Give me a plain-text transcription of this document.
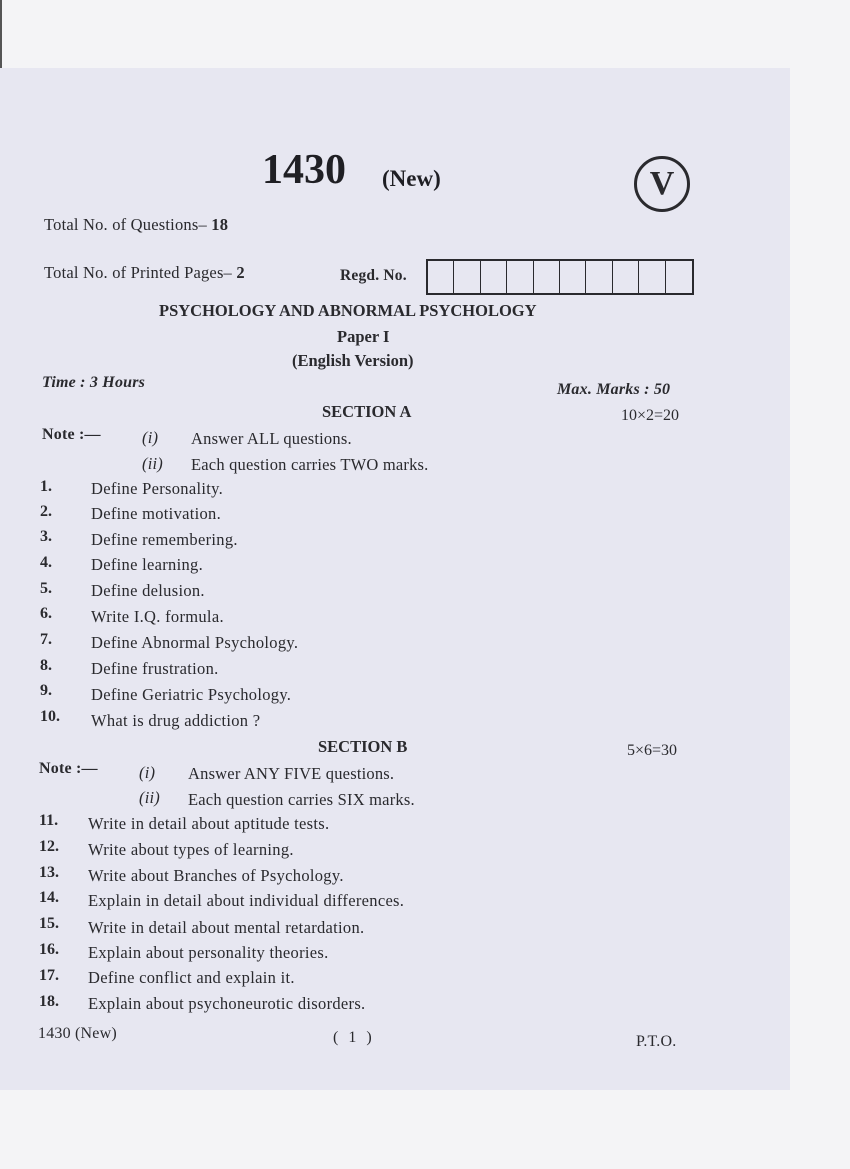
1430 (New)	V
Total No. of Questions– 18
Total No. of Printed Pages– 2	Regd. No.
PSYCHOLOGY AND ABNORMAL PSYCHOLOGY
Paper I
(English Version)
Time : 3 Hours	Max. Marks : 50
SECTION A	10×2=20
Note :—	(i) Answer ALL questions.
(ii) Each question carries TWO marks.
1. Define Personality.
2. Define motivation.
3. Define remembering.
4. Define learning.
5. Define delusion.
6. Write I.Q. formula.
7. Define Abnormal Psychology.
8. Define frustration.
9. Define Geriatric Psychology.
10. What is drug addiction ?
SECTION B	5×6=30
Note :—	(i) Answer ANY FIVE questions.
(ii) Each question carries SIX marks.
11. Write in detail about aptitude tests.
12. Write about types of learning.
13. Write about Branches of Psychology.
14. Explain in detail about individual differences.
15. Write in detail about mental retardation.
16. Explain about personality theories.
17. Define conflict and explain it.
18. Explain about psychoneurotic disorders.
1430 (New)	( 1 )	P.T.O.
